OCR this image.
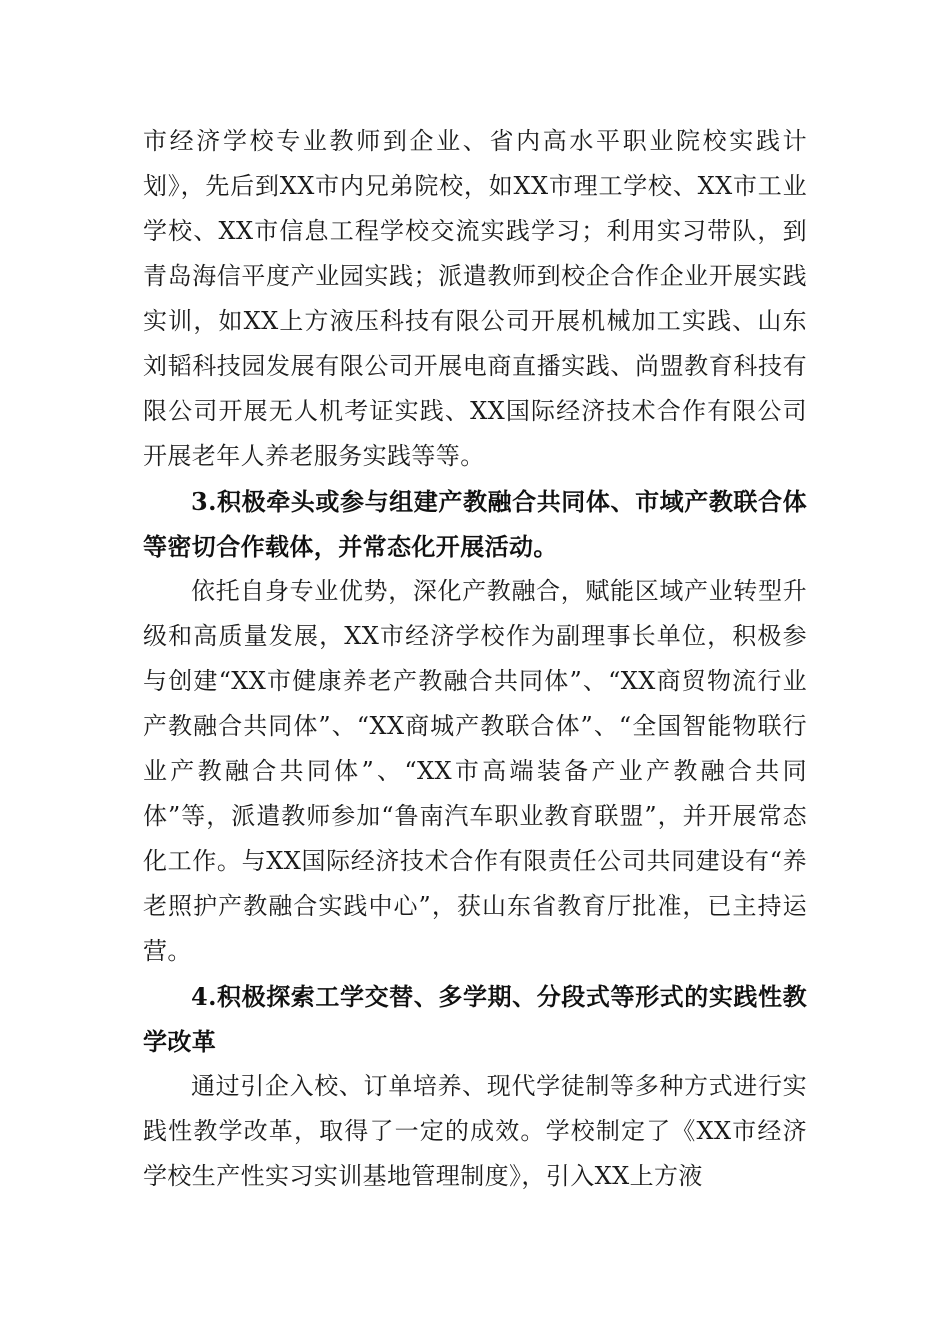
市经济学校专业教师到企业、省内高水平职业院校实践计划》，先后到XX市内兄弟院校，如XX市理工学校、XX市工业学校、XX市信息工程学校交流实践学习；利用实习带队，到青岛海信平度产业园实践；派遣教师到校企合作企业开展实践实训，如XX上方液压科技有限公司开展机械加工实践、山东刘韬科技园发展有限公司开展电商直播实践、尚盟教育科技有限公司开展无人机考证实践、XX国际经济技术合作有限公司开展老年人养老服务实践等等。

3.积极牵头或参与组建产教融合共同体、市域产教联合体等密切合作载体，并常态化开展活动。

依托自身专业优势，深化产教融合，赋能区域产业转型升级和高质量发展，XX市经济学校作为副理事长单位，积极参与创建“XX市健康养老产教融合共同体”、“XX商贸物流行业产教融合共同体”、“XX商城产教联合体”、“全国智能物联行业产教融合共同体”、“XX市高端装备产业产教融合共同体”等，派遣教师参加“鲁南汽车职业教育联盟”，并开展常态化工作。与XX国际经济技术合作有限责任公司共同建设有“养老照护产教融合实践中心”，获山东省教育厅批准，已主持运营。

4.积极探索工学交替、多学期、分段式等形式的实践性教学改革

通过引企入校、订单培养、现代学徒制等多种方式进行实践性教学改革，取得了一定的成效。学校制定了《XX市经济学校生产性实习实训基地管理制度》，引入XX上方液
